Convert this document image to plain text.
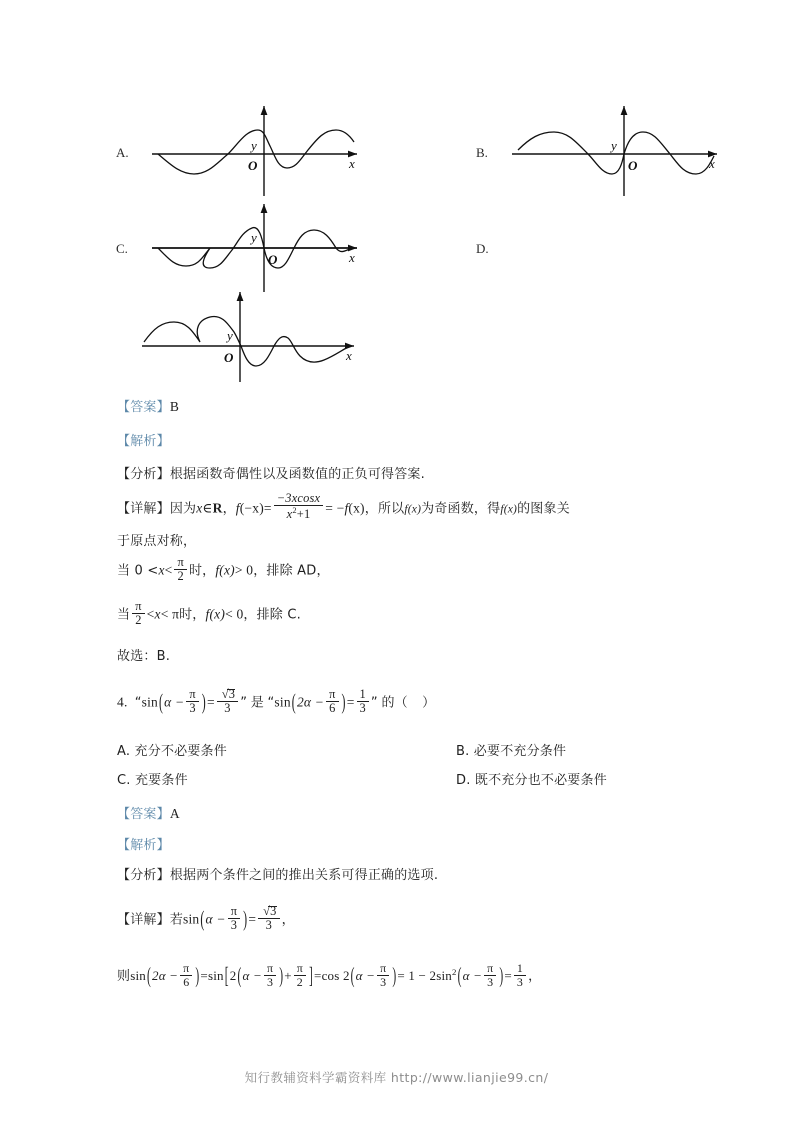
A.	y
x
O
B.	y
x
O
C.
y
x
O
D.
y
x
O
【答案】B
【解析】
【分析】根据函数奇偶性以及函数值的正负可得答案.
【详解】因为x∈R，$f(-x)= \frac{-3xcosx}{x^2+1} = -f(x)$，所以f(x)为奇函数，得f(x)的图象关
于原点对称，
当 $0 <x< \frac{\pi}{2}$ 时，f(x)> 0，排除 AD，
当 $\frac{\pi}{2} <x< \pi$时，f(x)< 0，排除 C.
故选：B.
4. “$\sin(\alpha - \frac{\pi}{3}$ )= √
3
3 ” 是 “$\sin(2\alpha - \frac{\pi}{6}$ )= $\frac{1}{3}$ ” 的（ ）
A. 充分不必要条件	B. 必要不充分条件
C. 充要条件	D. 既不充分也不必要条件
【答案】A
【解析】
【分析】根据两个条件之间的推出关系可得正确的选项.
【详解】若$\sin(\alpha - \frac{\pi}{3}$ )= √
3
3 ，
则$\sin(2\alpha - \frac{\pi}{6} )=\sin[2(\alpha - \frac{\pi}{3}$ )+ $\frac{\pi}{2} ]=\cos$ $2(\alpha - \frac{\pi}{3}$ )= $1 - 2\sin^2(\alpha - \frac{\pi}{3}$ )= $\frac{1}{3}$ ，
知行教辅资料学霸资料库 http://www.lianjie99.cn/
